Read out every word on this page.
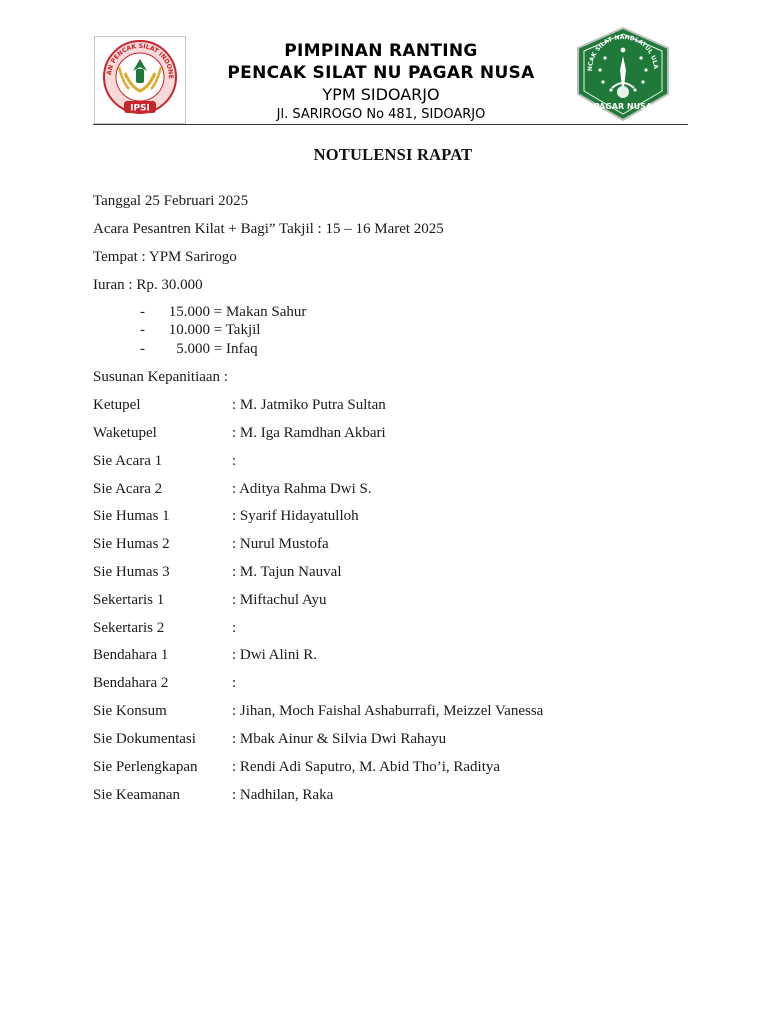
AN PENCAK SILAT INDONE
IPSI
PIMPINAN RANTING
PENCAK SILAT NU PAGAR NUSA
YPM SIDOARJO
Jl. SARIROGO No 481, SIDOARJO
NCAK SILAT NAHDLATUL ULA
PAGAR NUSA
NOTULENSI RAPAT
Tanggal 25 Februari 2025
Acara Pesantren Kilat + Bagi” Takjil : 15 – 16 Maret 2025
Tempat : YPM Sarirogo
Iuran : Rp. 30.000
- 15.000 = Makan Sahur
- 10.000 = Takjil
- 5.000 = Infaq
Susunan Kepanitiaan :
Ketupel	: M. Jatmiko Putra Sultan
Waketupel	: M. Iga Ramdhan Akbari
Sie Acara 1	:
Sie Acara 2	: Aditya Rahma Dwi S.
Sie Humas 1	: Syarif Hidayatulloh
Sie Humas 2	: Nurul Mustofa
Sie Humas 3	: M. Tajun Nauval
Sekertaris 1	: Miftachul Ayu
Sekertaris 2	:
Bendahara 1	: Dwi Alini R.
Bendahara 2	:
Sie Konsum	: Jihan, Moch Faishal Ashaburrafi, Meizzel Vanessa
Sie Dokumentasi : Mbak Ainur & Silvia Dwi Rahayu
Sie Perlengkapan : Rendi Adi Saputro, M. Abid Tho’i, Raditya
Sie Keamanan	: Nadhilan, Raka
